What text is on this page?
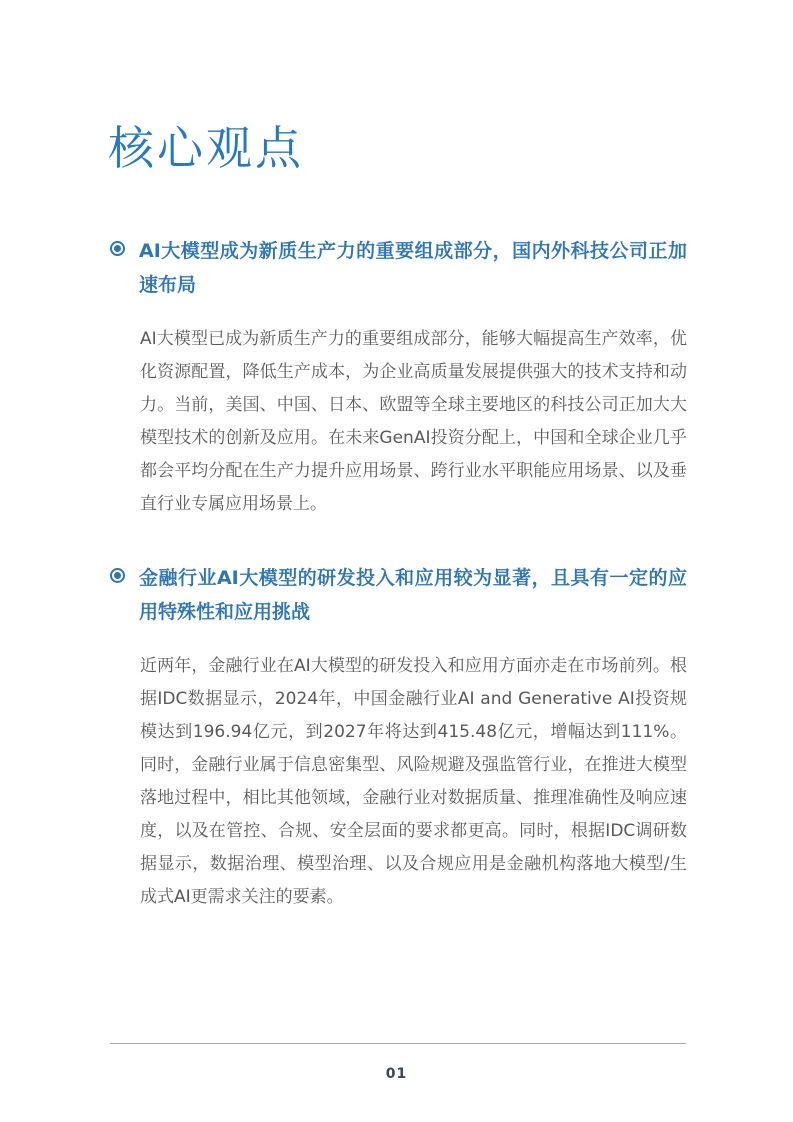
核心观点
AI大模型成为新质生产力的重要组成部分，国内外科技公司正加速布局

AI大模型已成为新质生产力的重要组成部分，能够大幅提高生产效率，优化资源配置，降低生产成本，为企业高质量发展提供强大的技术支持和动力。当前，美国、中国、日本、欧盟等全球主要地区的科技公司正加大大模型技术的创新及应用。在未来GenAI投资分配上，中国和全球企业几乎都会平均分配在生产力提升应用场景、跨行业水平职能应用场景、以及垂直行业专属应用场景上。

金融行业AI大模型的研发投入和应用较为显著，且具有一定的应用特殊性和应用挑战

近两年，金融行业在AI大模型的研发投入和应用方面亦走在市场前列。根据IDC数据显示，2024年，中国金融行业AI and Generative AI投资规模达到196.94亿元，到2027年将达到415.48亿元，增幅达到111%。同时，金融行业属于信息密集型、风险规避及强监管行业，在推进大模型落地过程中，相比其他领域，金融行业对数据质量、推理准确性及响应速度，以及在管控、合规、安全层面的要求都更高。同时，根据IDC调研数据显示，数据治理、模型治理、以及合规应用是金融机构落地大模型/生成式AI更需求关注的要素。

01
